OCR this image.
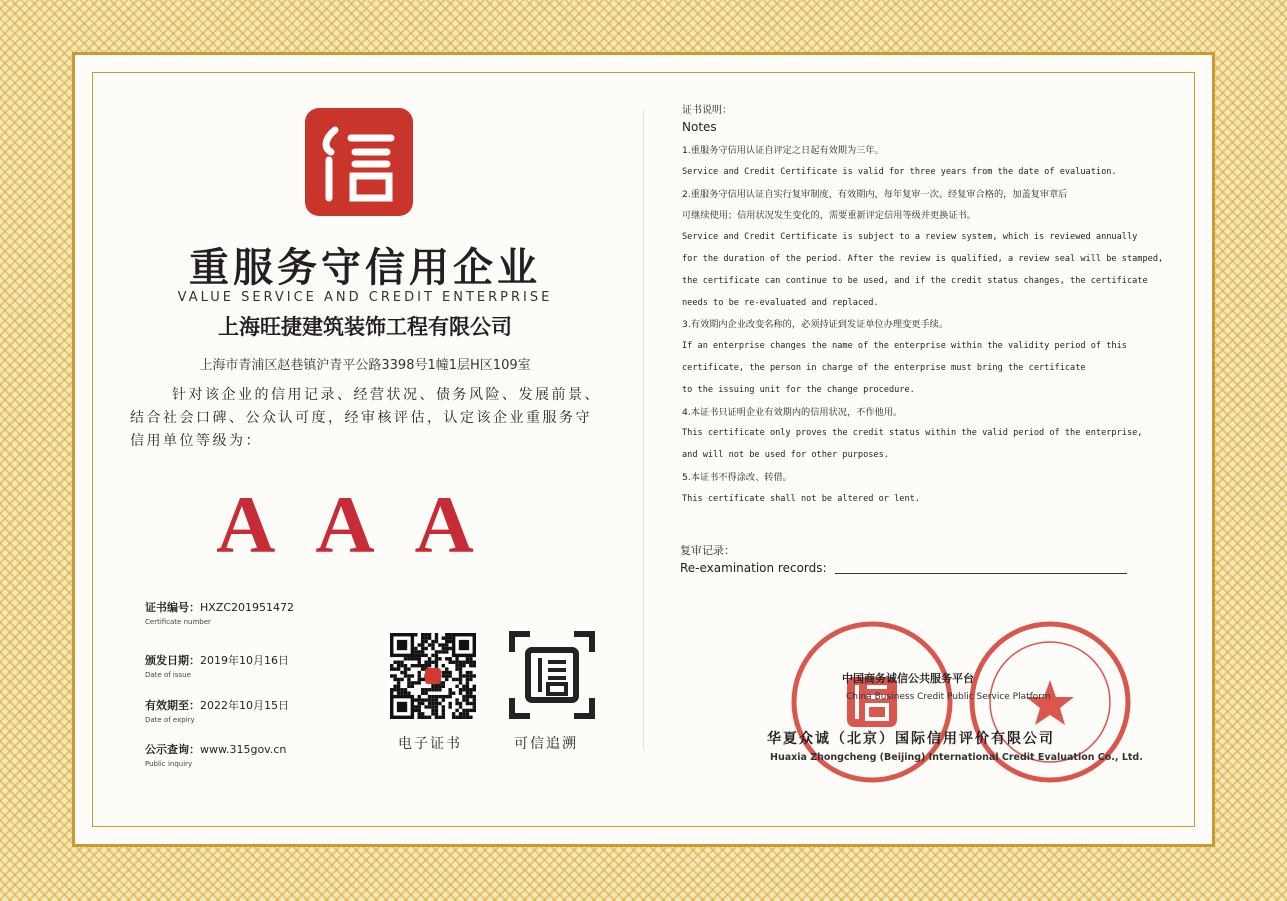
重服务守信用企业
VALUE SERVICE AND CREDIT ENTERPRISE
上海旺捷建筑装饰工程有限公司
上海市青浦区赵巷镇沪青平公路3398号1幢1层H区109室
针对该企业的信用记录、经营状况、债务风险、发展前景、结合社会口碑、公众认可度，经审核评估，认定该企业重服务守信用单位等级为：
AAA
证书编号：HXZC201951472
Certificate number
颁发日期：2019年10月16日
Date of issue
有效期至：2022年10月15日
Date of expiry
公示查询：www.315gov.cn
Public inquiry
电子证书	可信追溯
证书说明：
Notes
1.重服务守信用认证自评定之日起有效期为三年。
Service and Credit Certificate is valid for three years from the date of evaluation.
2.重服务守信用认证自实行复审制度，有效期内，每年复审一次。经复审合格的，加盖复审章后
可继续使用；信用状况发生变化的，需要重新评定信用等级并更换证书。
Service and Credit Certificate is subject to a review system, which is reviewed annually
for the duration of the period. After the review is qualified, a review seal will be stamped,
the certificate can continue to be used, and if the credit status changes, the certificate
needs to be re-evaluated and replaced.
3.有效期内企业改变名称的，必须持证到发证单位办理变更手续。
If an enterprise changes the name of the enterprise within the validity period of this
certificate, the person in charge of the enterprise must bring the certificate
to the issuing unit for the change procedure.
4.本证书只证明企业有效期内的信用状况，不作他用。
This certificate only proves the credit status within the valid period of the enterprise,
and will not be used for other purposes.
5.本证书不得涂改、转借。
This certificate shall not be altered or lent.
复审记录：
Re-examination records:
中国商务诚信公共服务平台
China Business Credit Public Service Platform
华夏众诚（北京）国际信用评价有限公司
Huaxia Zhongcheng (Beijing) International Credit Evaluation Co., Ltd.
